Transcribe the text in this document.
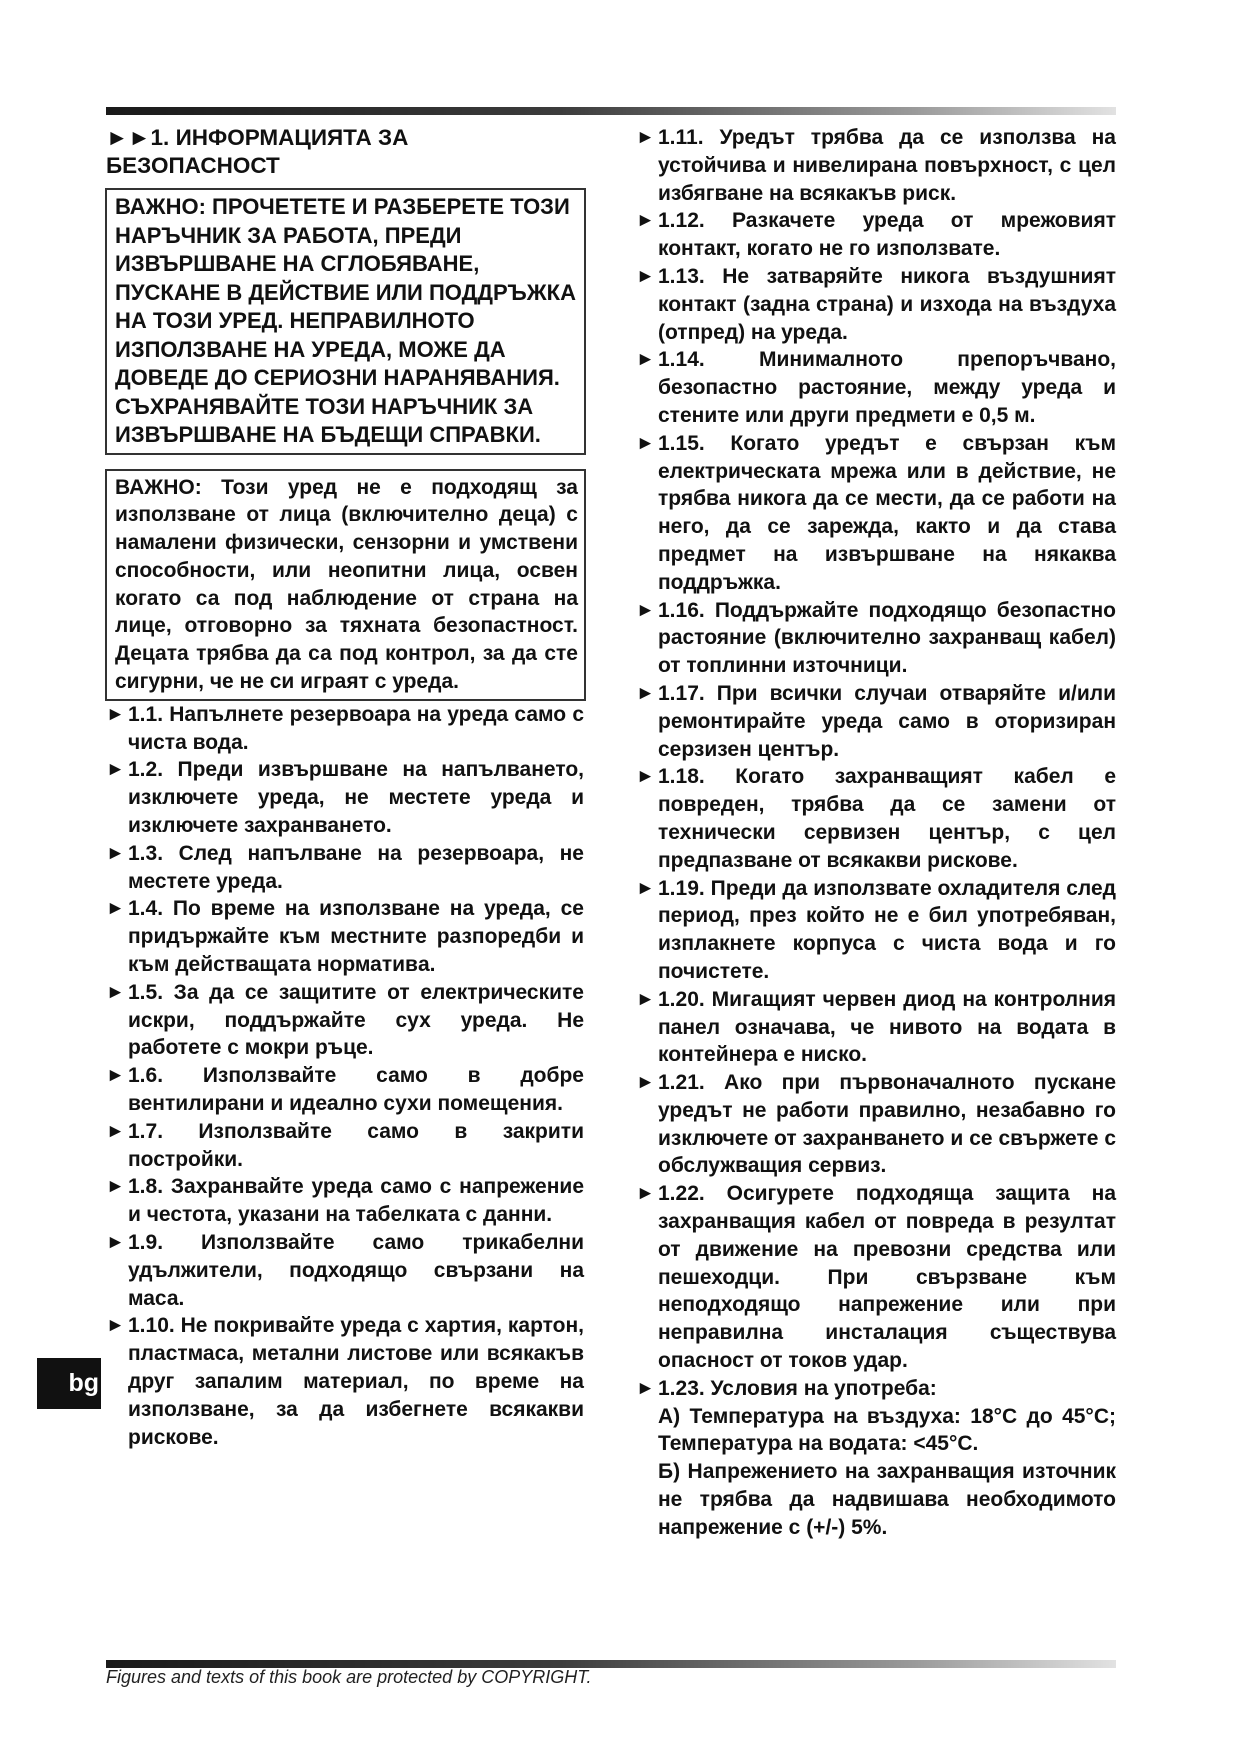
►►1. ИНФОРМАЦИЯТА ЗА БЕЗОПАСНОСТ
ВАЖНО: ПРОЧЕТЕТЕ И РАЗБЕРЕТЕ ТОЗИ НАРЪЧНИК ЗА РАБОТА, ПРЕДИ ИЗВЪРШВАНЕ НА СГЛОБЯВАНЕ, ПУСКАНЕ В ДЕЙСТВИЕ ИЛИ ПОДДРЪЖКА НА ТОЗИ УРЕД. НЕПРАВИЛНОТО ИЗПОЛЗВАНЕ НА УРЕДА, МОЖЕ ДА ДОВЕДЕ ДО СЕРИОЗНИ НАРАНЯВАНИЯ. СЪХРАНЯВАЙТЕ ТОЗИ НАРЪЧНИК ЗА ИЗВЪРШВАНЕ НА БЪДЕЩИ СПРАВКИ.
ВАЖНО: Този уред не е подходящ за използване от лица (включително деца) с намалени физически, сензорни и умствени способности, или неопитни лица, освен когато са под наблюдение от страна на лице, отговорно за тяхната безопастност. Децата трябва да са под контрол, за да сте сигурни, че не си играят с уреда.
► 1.1. Напълнете резервоара на уреда само с чиста вода.
► 1.2. Преди извършване на напълването, изключете уреда, не местете уреда и изключете захранването.
► 1.3. След напълване на резервоара, не местете уреда.
► 1.4. По време на използване на уреда, се придържайте към местните разпоредби и към действащата нормативa.
► 1.5. За да се защитите от електрическите искри, поддържайте сух уреда. Не работете с мокри ръце.
► 1.6. Използвайте само в добре вентилирани и идеално сухи помещения.
► 1.7. Използвайте само в закрити постройки.
► 1.8. Захранвайте уреда само с напрежение и честота, указани на табелката с данни.
► 1.9. Използвайте само трикабелни удължители, подходящо свързани на маса.
► 1.10. Не покривайте уреда с хартия, картон, пластмаса, метални листове или всякакъв друг запалим материал, по време на използване, за да избегнете всякакви рискове.
► 1.11. Уредът трябва да се използва на устойчива и нивелирана повърхност, с цел избягване на всякакъв риск.
► 1.12. Разкачете уреда от мрежовият контакт, когато не го използвате.
► 1.13. Не затваряйте никога въздушният контакт (задна страна) и изхода на въздуха (отпред) на уреда.
► 1.14. Минималното препоръчвано, безопастно растояние, между уреда и стените или други предмети е 0,5 м.
► 1.15. Когато уредът е свързан към електрическата мрежа или в действие, не трябва никога да се мести, да се работи на него, да се зарежда, както и да става предмет на извършване на някаква поддръжка.
► 1.16. Поддържайте подходящо безопастно растояние (включително захранващ кабел) от топлинни източници.
► 1.17. При всички случаи отваряйте и/или ремонтирайте уреда само в оторизиран серзизен център.
► 1.18. Когато захранващият кабел е повреден, трябва да се замени от технически сервизен център, с цел предпазване от всякакви рискове.
► 1.19. Преди да използвате охладителя след период, през който не е бил употребяван, изплакнете корпуса с чиста вода и го почистете.
► 1.20. Мигащият червен диод на контролния панел означава, че нивото на водата в контейнера е ниско.
► 1.21. Ако при първоначалното пускане уредът не работи правилно, незабавно го изключете от захранването и се свържете с обслужващия сервиз.
► 1.22. Осигурете подходяща защита на захранващия кабел от повреда в резултат от движение на превозни средства или пешеходци. При свързване към неподходящо напрежение или при неправилна инсталация съществува опасност от токов удар.
► 1.23. Условия на употреба:
А) Температура на въздуха: 18°C до 45°C; Температура на водата: <45°C.
Б) Напрежението на захранващия източник не трябва да надвишава необходимото напрежение с (+/-) 5%.
bg
Figures and texts of this book are protected by COPYRIGHT.
